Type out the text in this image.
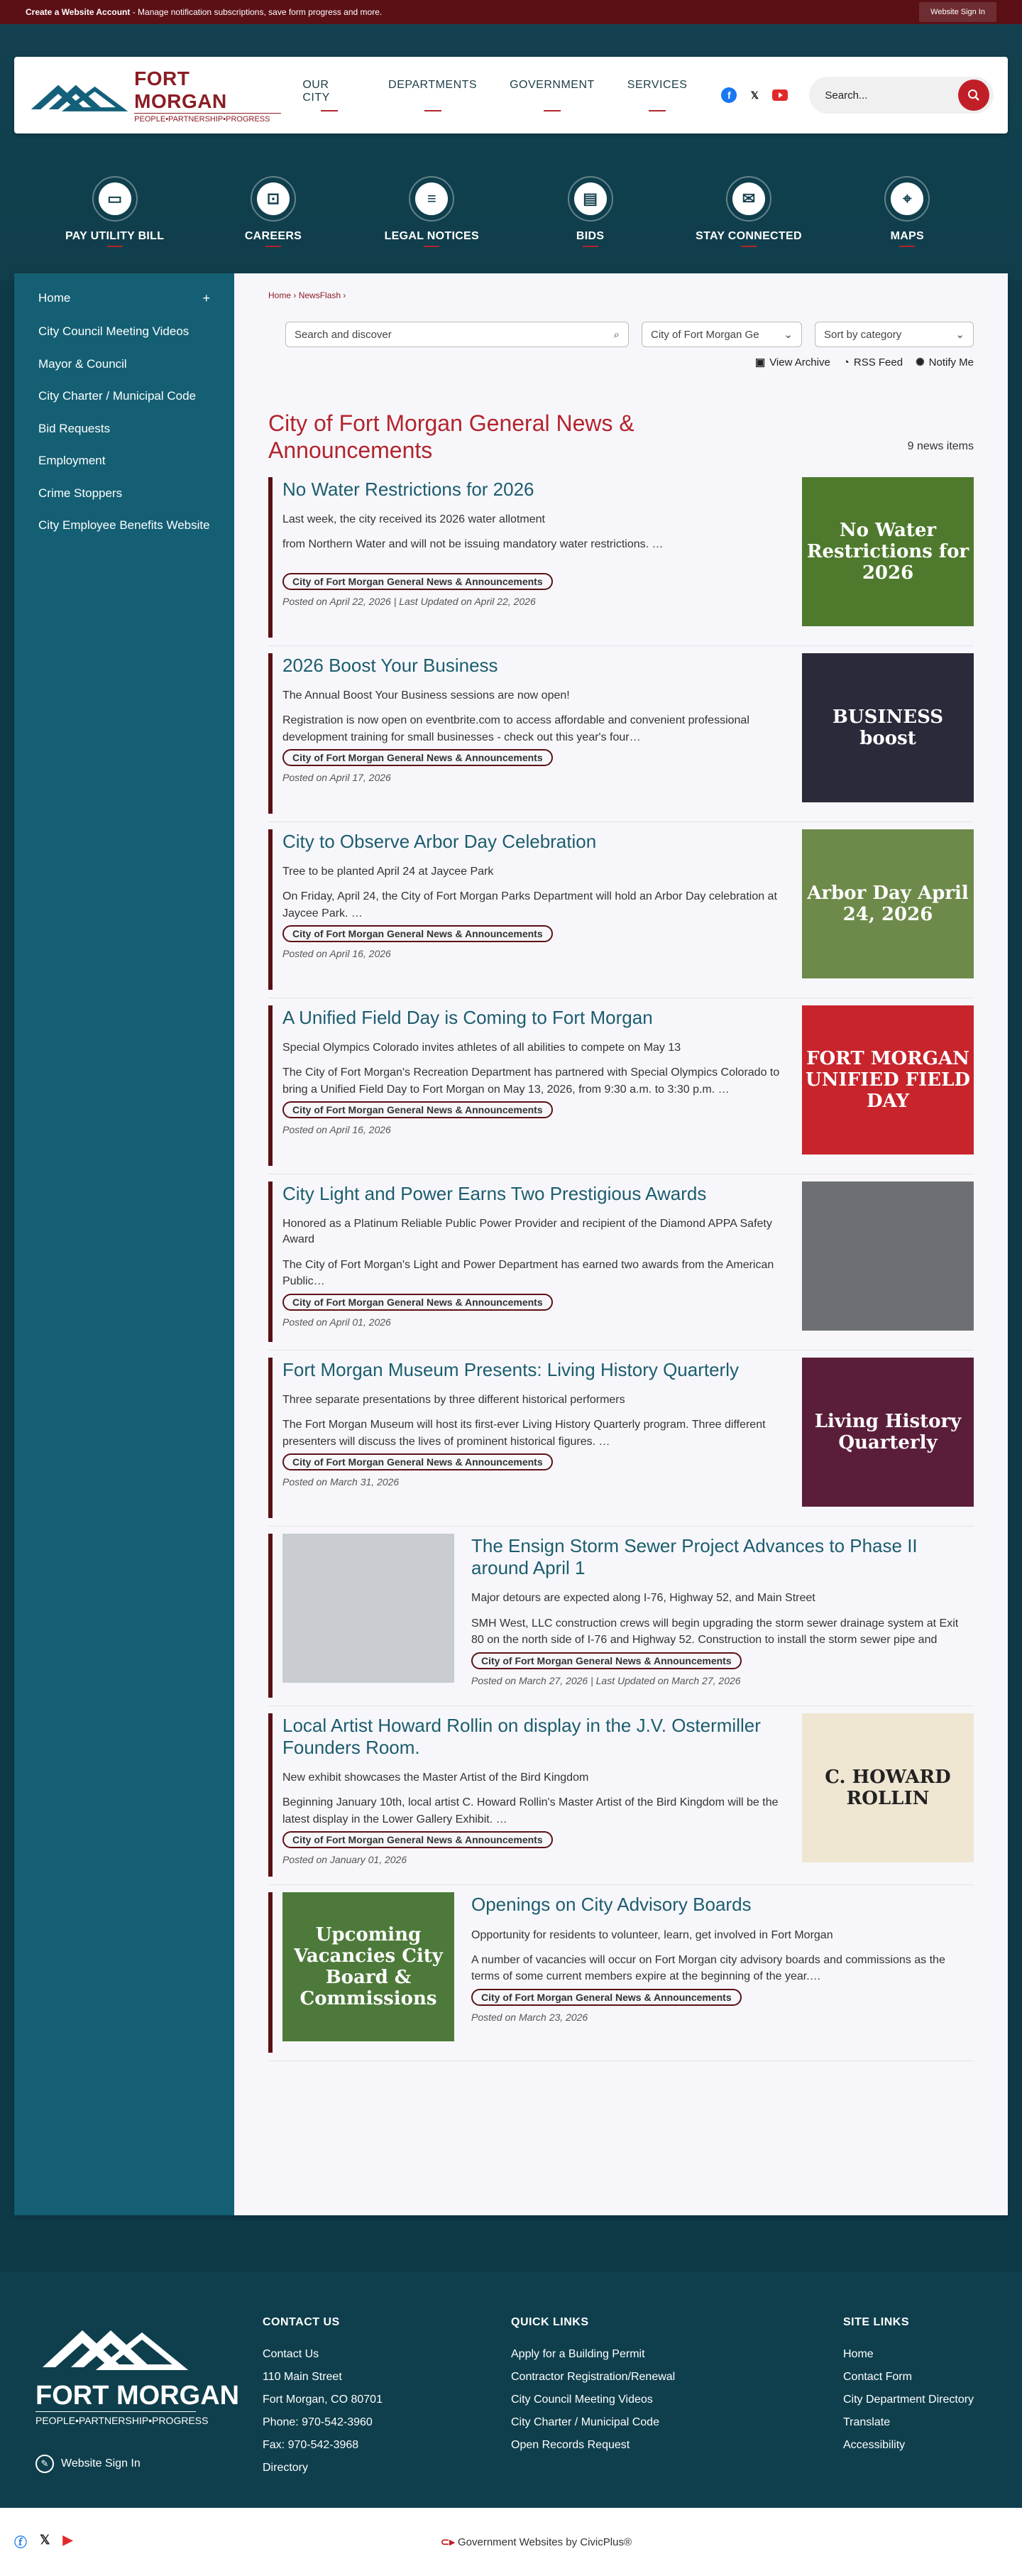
Create a Website Account - Manage notification subscriptions, save form progress and more.	Website Sign In
FORT MORGAN
PEOPLE•PARTNERSHIP•PROGRESS
OUR CITY
DEPARTMENTS	GOVERNMENT	SERVICES
f	𝕏	Search...
▭
PAY UTILITY BILL
⊡
CAREERS
≡
LEGAL NOTICES
▤
BIDS
✉
STAY CONNECTED
⌖
MAPS
Home	+
City Council Meeting Videos
Mayor & Council
City Charter / Municipal Code
Bid Requests
Employment
Crime Stoppers
City Employee Benefits Website
Home › NewsFlash ›
Search and discover	⌕	City of Fort Morgan Ge ⌄	Sort by category	⌄
▣ View Archive ◔ RSS Feed ✺ Notify Me
City of Fort Morgan General News & Announcements	9 news items
No Water Restrictions for 2026
Last week, the city received its 2026 water allotment
from Northern Water and will not be issuing mandatory water restrictions. …
City of Fort Morgan General News & Announcements
Posted on April 22, 2026 | Last Updated on April 22, 2026
No Water Restrictions for 2026
2026 Boost Your Business
The Annual Boost Your Business sessions are now open!
Registration is now open on eventbrite.com to access affordable and convenient professional development training for small businesses - check out this year's four…
City of Fort Morgan General News & Announcements
Posted on April 17, 2026
BUSINESS boost
City to Observe Arbor Day Celebration
Tree to be planted April 24 at Jaycee Park
On Friday, April 24, the City of Fort Morgan Parks Department will hold an Arbor Day celebration at Jaycee Park. …
City of Fort Morgan General News & Announcements
Posted on April 16, 2026
Arbor Day April 24, 2026
A Unified Field Day is Coming to Fort Morgan
Special Olympics Colorado invites athletes of all abilities to compete on May 13
The City of Fort Morgan's Recreation Department has partnered with Special Olympics Colorado to bring a Unified Field Day to Fort Morgan on May 13, 2026, from 9:30 a.m. to 3:30 p.m. …
City of Fort Morgan General News & Announcements
Posted on April 16, 2026
FORT MORGAN UNIFIED FIELD DAY
City Light and Power Earns Two Prestigious Awards
Honored as a Platinum Reliable Public Power Provider and recipient of the Diamond APPA Safety Award
The City of Fort Morgan's Light and Power Department has earned two awards from the American Public…
City of Fort Morgan General News & Announcements
Posted on April 01, 2026
Fort Morgan Museum Presents: Living History Quarterly
Three separate presentations by three different historical performers
The Fort Morgan Museum will host its first-ever Living History Quarterly program. Three different presenters will discuss the lives of prominent historical figures. …
City of Fort Morgan General News & Announcements
Posted on March 31, 2026
Living History Quarterly
The Ensign Storm Sewer Project Advances to Phase II around April 1
Major detours are expected along I-76, Highway 52, and Main Street
SMH West, LLC construction crews will begin upgrading the storm sewer drainage system at Exit 80 on the north side of I-76 and Highway 52. Construction to install the storm sewer pipe and
City of Fort Morgan General News & Announcements
Posted on March 27, 2026 | Last Updated on March 27, 2026
Local Artist Howard Rollin on display in the J.V. Ostermiller Founders Room.
New exhibit showcases the Master Artist of the Bird Kingdom
Beginning January 10th, local artist C. Howard Rollin's Master Artist of the Bird Kingdom will be the latest display in the Lower Gallery Exhibit. …
City of Fort Morgan General News & Announcements
Posted on January 01, 2026
C. HOWARD ROLLIN
Upcoming Vacancies City Board & Commissions
Openings on City Advisory Boards
Opportunity for residents to volunteer, learn, get involved in Fort Morgan
A number of vacancies will occur on Fort Morgan city advisory boards and commissions as the terms of some current members expire at the beginning of the year.…
City of Fort Morgan General News & Announcements
Posted on March 23, 2026
FORT MORGAN
PEOPLE•PARTNERSHIP•PROGRESS
✎	Website Sign In
CONTACT US
Contact Us
110 Main Street
Fort Morgan, CO 80701
Phone: 970-542-3960
Fax: 970-542-3968
Directory
QUICK LINKS
Apply for a Building Permit
Contractor Registration/Renewal
City Council Meeting Videos
City Charter / Municipal Code
Open Records Request
SITE LINKS
Home
Contact Form
City Department Directory
Translate
Accessibility
ⓕ 𝕏 ▶	⊂▸ Government Websites by CivicPlus®
